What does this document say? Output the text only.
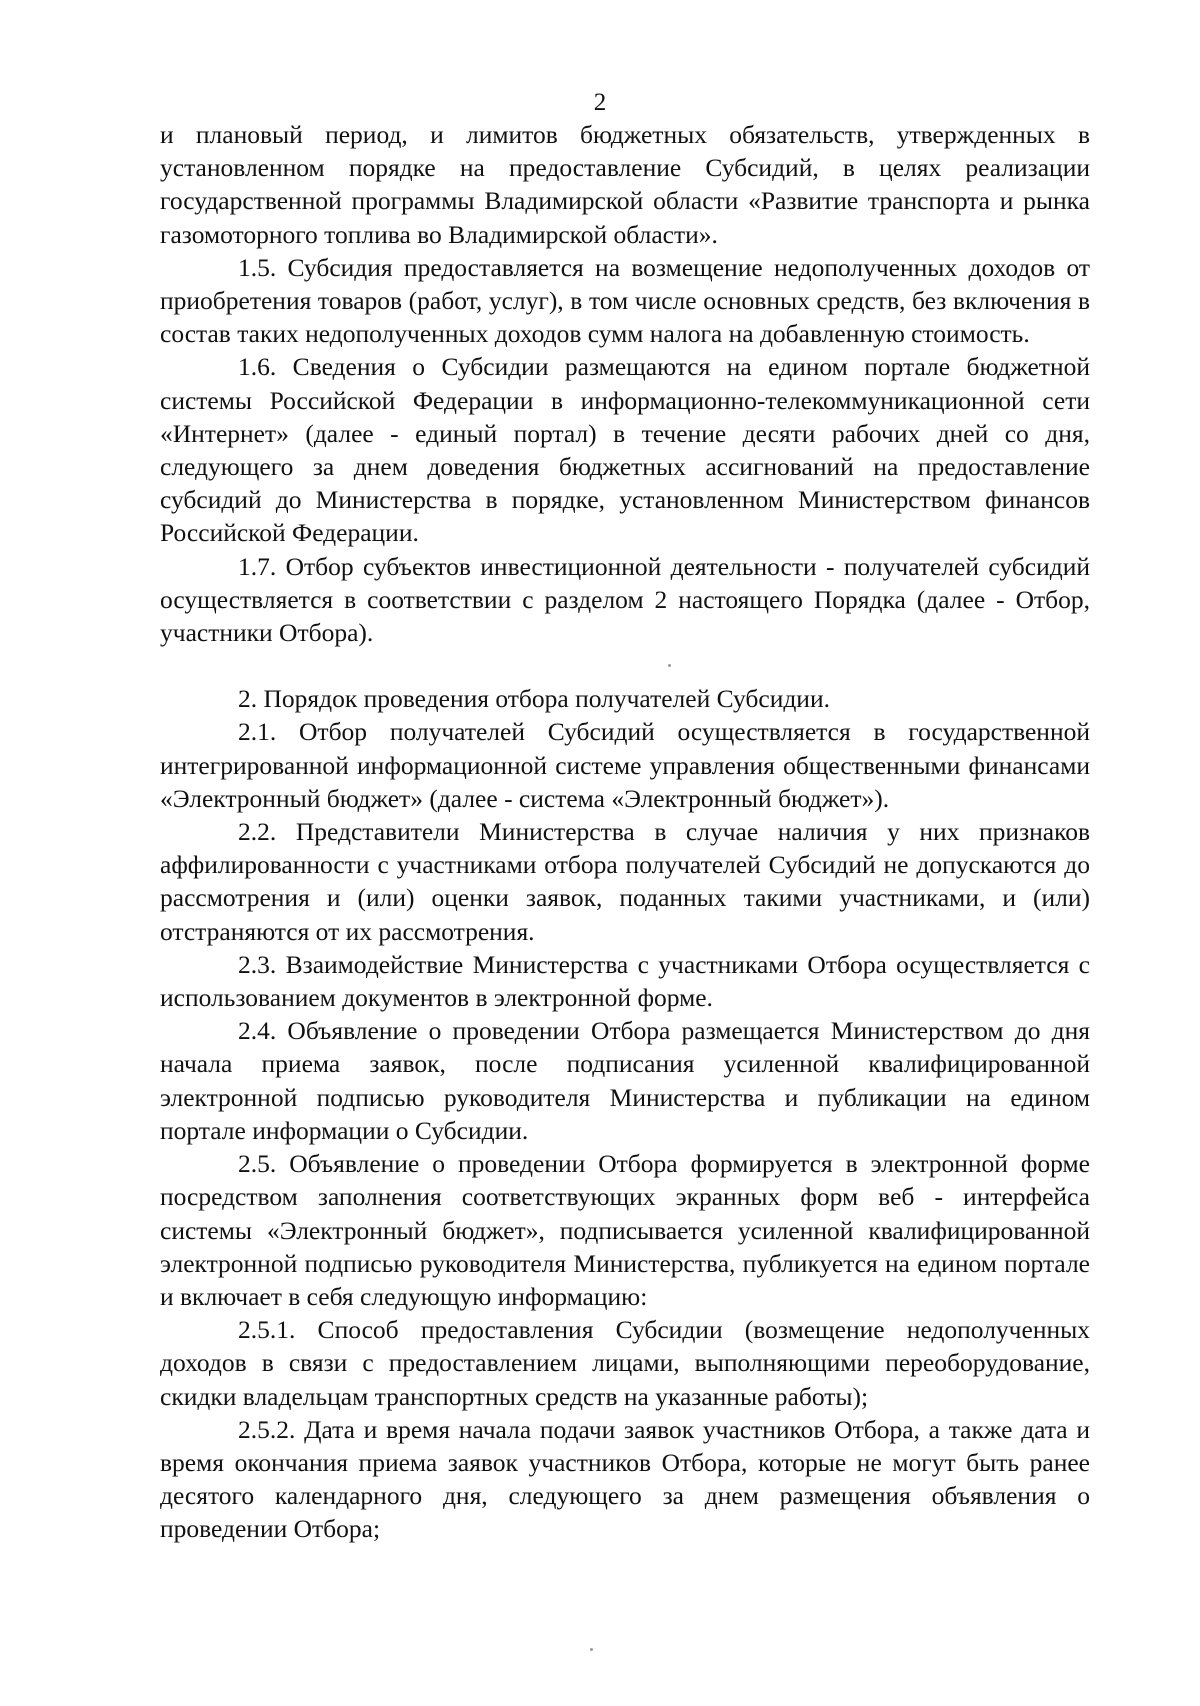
2

и плановый период, и лимитов бюджетных обязательств, утвержденных в установленном порядке на предоставление Субсидий, в целях реализации государственной программы Владимирской области «Развитие транспорта и рынка газомоторного топлива во Владимирской области».

1.5. Субсидия предоставляется на возмещение недополученных доходов от приобретения товаров (работ, услуг), в том числе основных средств, без включения в состав таких недополученных доходов сумм налога на добавленную стоимость.

1.6. Сведения о Субсидии размещаются на едином портале бюджетной системы Российской Федерации в информационно-телекоммуникационной сети «Интернет» (далее - единый портал) в течение десяти рабочих дней со дня, следующего за днем доведения бюджетных ассигнований на предоставление субсидий до Министерства в порядке, установленном Министерством финансов Российской Федерации.

1.7. Отбор субъектов инвестиционной деятельности - получателей субсидий осуществляется в соответствии с разделом 2 настоящего Порядка (далее - Отбор, участники Отбора).

2. Порядок проведения отбора получателей Субсидии.

2.1. Отбор получателей Субсидий осуществляется в государственной интегрированной информационной системе управления общественными финансами «Электронный бюджет» (далее - система «Электронный бюджет»).

2.2. Представители Министерства в случае наличия у них признаков аффилированности с участниками отбора получателей Субсидий не допускаются до рассмотрения и (или) оценки заявок, поданных такими участниками, и (или) отстраняются от их рассмотрения.

2.3. Взаимодействие Министерства с участниками Отбора осуществляется с использованием документов в электронной форме.

2.4. Объявление о проведении Отбора размещается Министерством до дня начала приема заявок, после подписания усиленной квалифицированной электронной подписью руководителя Министерства и публикации на едином портале информации о Субсидии.

2.5. Объявление о проведении Отбора формируется в электронной форме посредством заполнения соответствующих экранных форм веб - интерфейса системы «Электронный бюджет», подписывается усиленной квалифицированной электронной подписью руководителя Министерства, публикуется на едином портале и включает в себя следующую информацию:

2.5.1. Способ предоставления Субсидии (возмещение недополученных доходов в связи с предоставлением лицами, выполняющими переоборудование, скидки владельцам транспортных средств на указанные работы);

2.5.2. Дата и время начала подачи заявок участников Отбора, а также дата и время окончания приема заявок участников Отбора, которые не могут быть ранее десятого календарного дня, следующего за днем размещения объявления о проведении Отбора;
